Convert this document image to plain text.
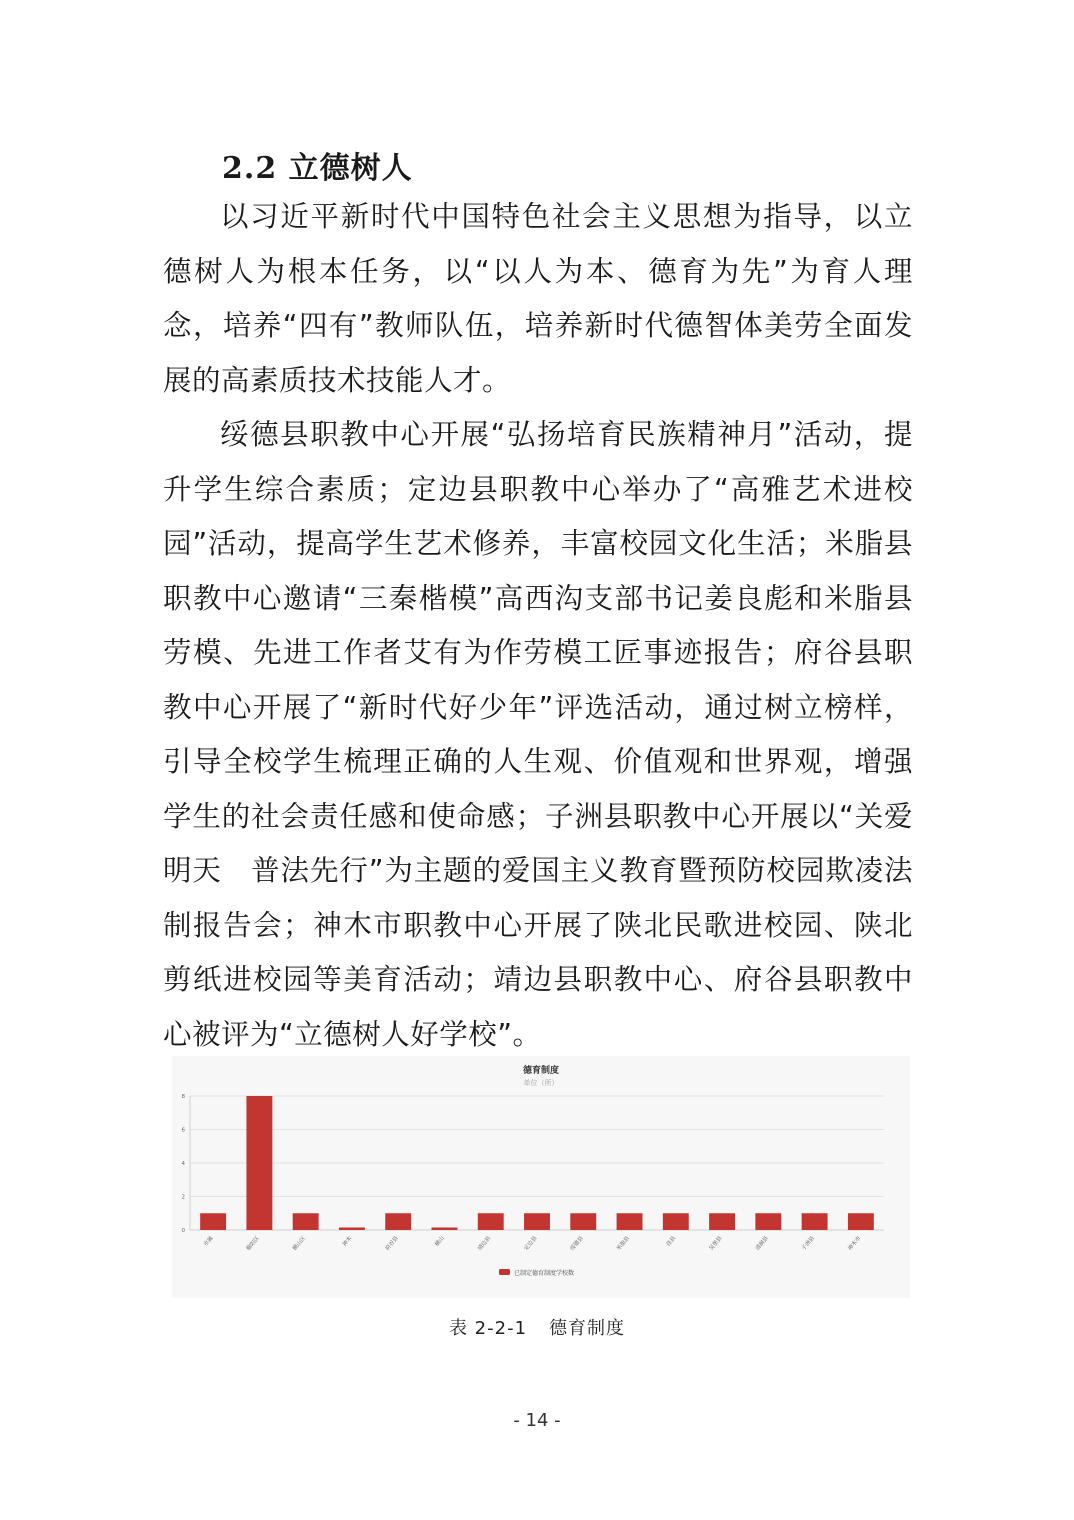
2.2 立德树人

以习近平新时代中国特色社会主义思想为指导，以立德树人为根本任务，以“以人为本、德育为先”为育人理念，培养“四有”教师队伍，培养新时代德智体美劳全面发展的高素质技术技能人才。

绥德县职教中心开展“弘扬培育民族精神月”活动，提升学生综合素质；定边县职教中心举办了“高雅艺术进校园”活动，提高学生艺术修养，丰富校园文化生活；米脂县职教中心邀请“三秦楷模”高西沟支部书记姜良彪和米脂县劳模、先进工作者艾有为作劳模工匠事迹报告；府谷县职教中心开展了“新时代好少年”评选活动，通过树立榜样，引导全校学生梳理正确的人生观、价值观和世界观，增强学生的社会责任感和使命感；子洲县职教中心开展以“关爱明天　普法先行”为主题的爱国主义教育暨预防校园欺凌法制报告会；神木市职教中心开展了陕北民歌进校园、陕北剪纸进校园等美育活动；靖边县职教中心、府谷县职教中心被评为“立德树人好学校”。

德育制度
单位（所）
0
2
4
6
8
市属	榆阳区	横山区	神木	府谷县	横山	靖边县	定边县	绥德县	米脂县	佳县	吴堡县	清涧县	子洲县	神木市
已制定德育制度学校数
表 2-2-1 德育制度
- 14 -
